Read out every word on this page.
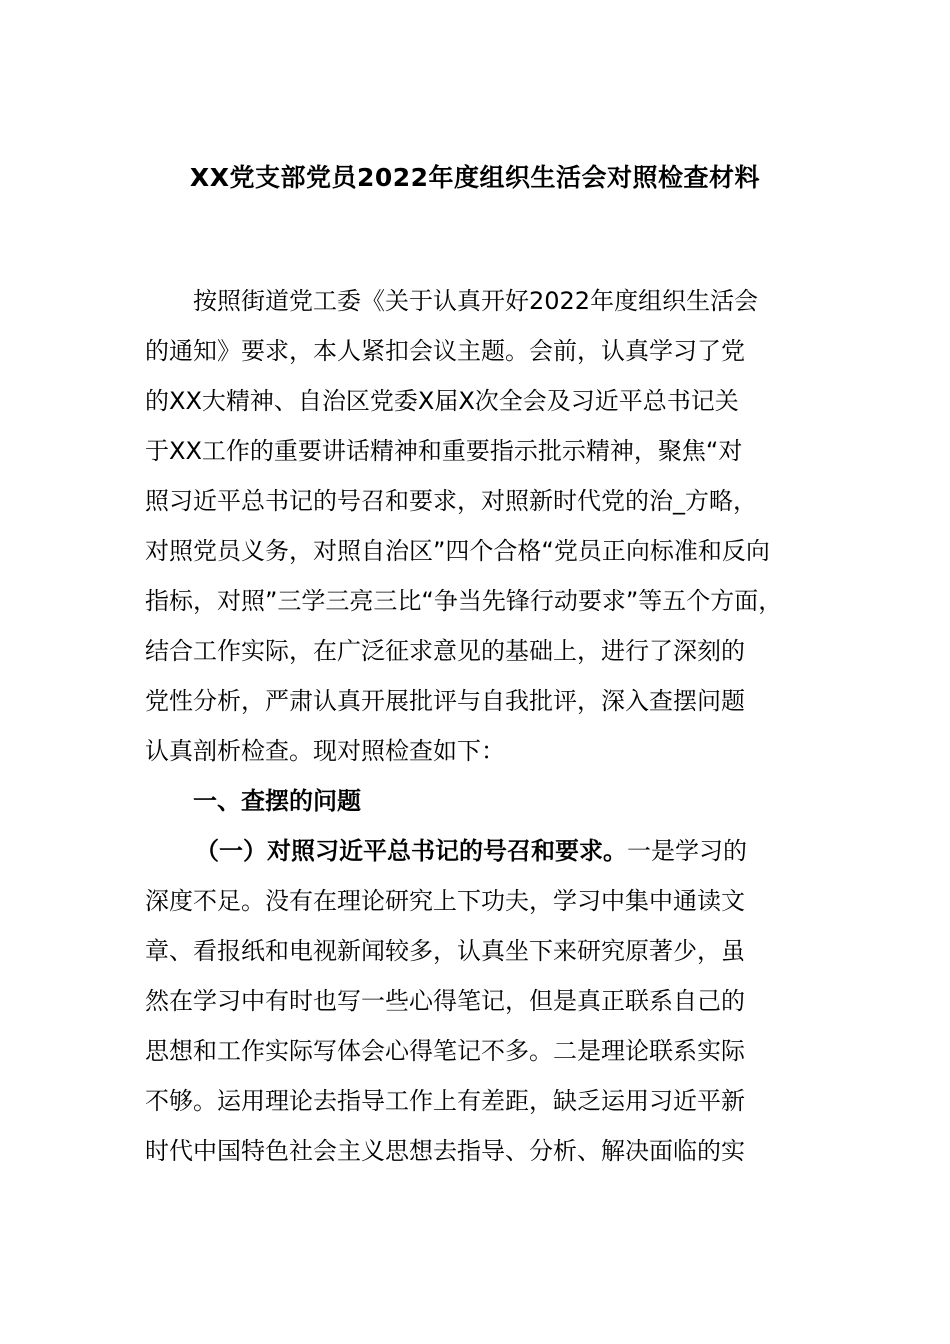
XX党支部党员2022年度组织生活会对照检查材料
按照街道党工委《关于认真开好2022年度组织生活会
的通知》要求，本人紧扣会议主题。会前，认真学习了党
的XX大精神、自治区党委X届X次全会及习近平总书记关
于XX工作的重要讲话精神和重要指示批示精神，聚焦“对
照习近平总书记的号召和要求，对照新时代党的治_方略，
对照党员义务，对照自治区”四个合格“党员正向标准和反向
指标，对照”三学三亮三比“争当先锋行动要求”等五个方面，
结合工作实际，在广泛征求意见的基础上，进行了深刻的
党性分析，严肃认真开展批评与自我批评，深入查摆问题
认真剖析检查。现对照检查如下：
一、查摆的问题
（一）对照习近平总书记的号召和要求。一是学习的
深度不足。没有在理论研究上下功夫，学习中集中通读文
章、看报纸和电视新闻较多，认真坐下来研究原著少，虽
然在学习中有时也写一些心得笔记，但是真正联系自己的
思想和工作实际写体会心得笔记不多。二是理论联系实际
不够。运用理论去指导工作上有差距，缺乏运用习近平新
时代中国特色社会主义思想去指导、分析、解决面临的实
